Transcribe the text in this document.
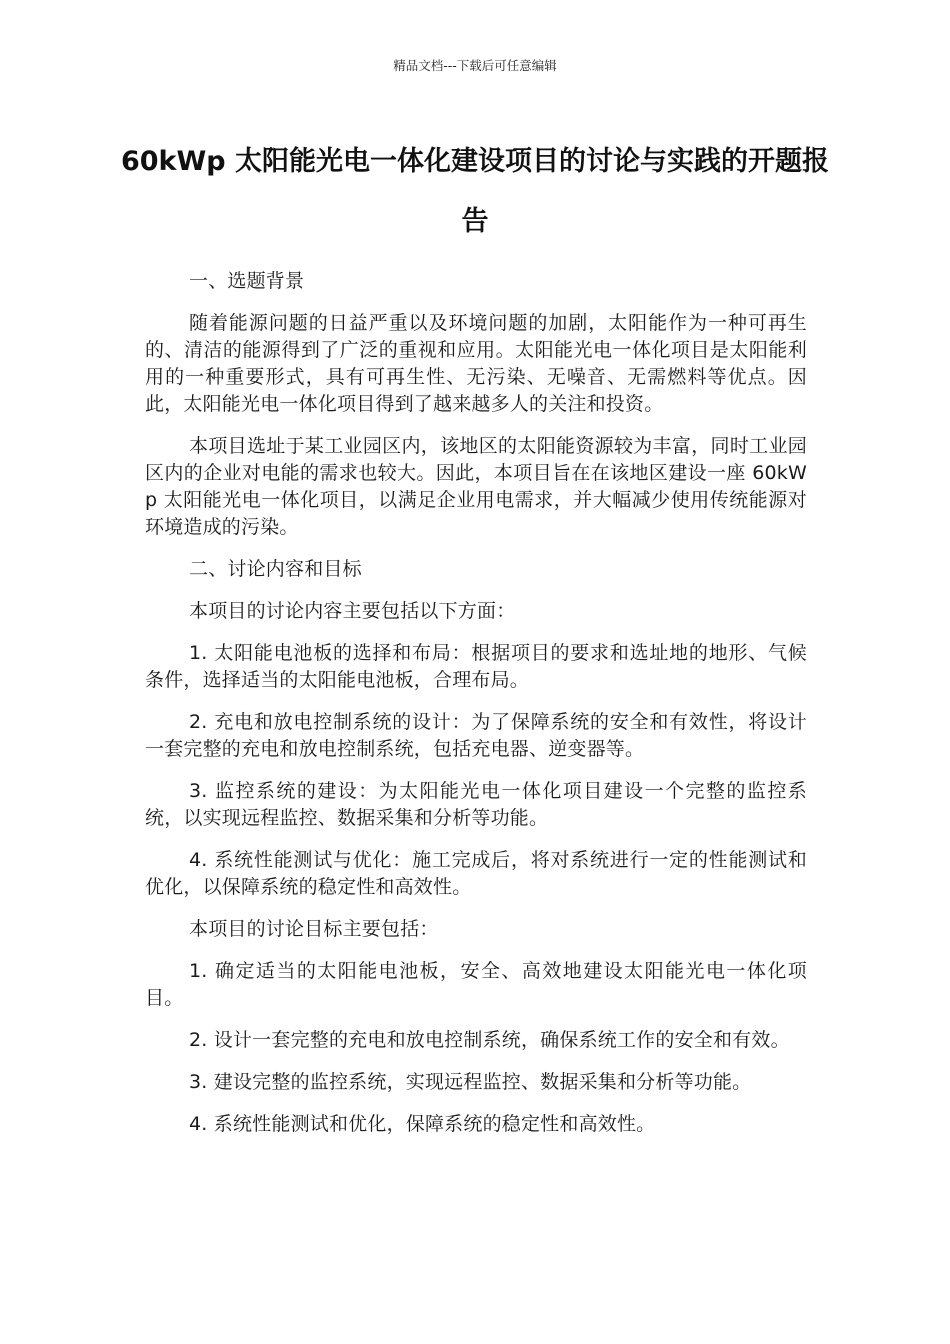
精品文档---下载后可任意编辑
60kWp 太阳能光电一体化建设项目的讨论与实践的开题报告

一、选题背景

随着能源问题的日益严重以及环境问题的加剧，太阳能作为一种可再生的、清洁的能源得到了广泛的重视和应用。太阳能光电一体化项目是太阳能利用的一种重要形式，具有可再生性、无污染、无噪音、无需燃料等优点。因此，太阳能光电一体化项目得到了越来越多人的关注和投资。

本项目选址于某工业园区内，该地区的太阳能资源较为丰富，同时工业园区内的企业对电能的需求也较大。因此，本项目旨在在该地区建设一座 60kWp 太阳能光电一体化项目，以满足企业用电需求，并大幅减少使用传统能源对环境造成的污染。

二、讨论内容和目标

本项目的讨论内容主要包括以下方面：

1. 太阳能电池板的选择和布局：根据项目的要求和选址地的地形、气候条件，选择适当的太阳能电池板，合理布局。

2. 充电和放电控制系统的设计：为了保障系统的安全和有效性，将设计一套完整的充电和放电控制系统，包括充电器、逆变器等。

3. 监控系统的建设：为太阳能光电一体化项目建设一个完整的监控系统，以实现远程监控、数据采集和分析等功能。

4. 系统性能测试与优化：施工完成后，将对系统进行一定的性能测试和优化，以保障系统的稳定性和高效性。

本项目的讨论目标主要包括：

1. 确定适当的太阳能电池板，安全、高效地建设太阳能光电一体化项目。

2. 设计一套完整的充电和放电控制系统，确保系统工作的安全和有效。

3. 建设完整的监控系统，实现远程监控、数据采集和分析等功能。

4. 系统性能测试和优化，保障系统的稳定性和高效性。
